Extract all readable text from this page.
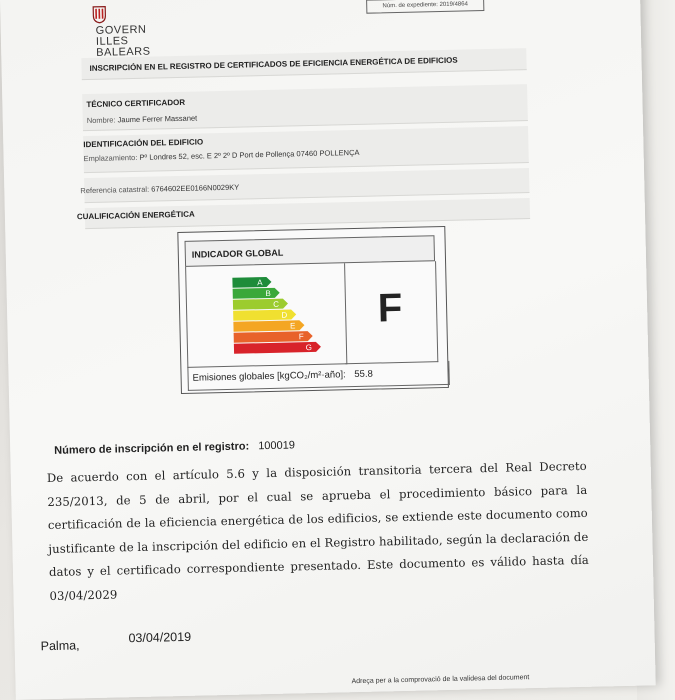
GOVERN
ILLES
BALEARS
Núm. de expediente: 2019/4864
INSCRIPCIÓN EN EL REGISTRO DE CERTIFICADOS DE EFICIENCIA ENERGÉTICA DE EDIFICIOS
TÉCNICO CERTIFICADOR
Nombre: Jaume Ferrer Massanet
IDENTIFICACIÓN DEL EDIFICIO
Emplazamiento: Pº Londres 52, esc. E 2º 2º D Port de Pollença 07460 POLLENÇA
Referencia catastral: 6764602EE0166N0029KY
CUALIFICACIÓN ENERGÉTICA
INDICADOR GLOBAL
A
B
C
D
E
F
G
F
Emisiones globales [kgCO₂/m²·año]: 55.8
Número de inscripción en el registro: 100019
De acuerdo con el artículo 5.6 y la disposición transitoria tercera del Real Decreto 235/2013, de 5 de abril, por el cual se aprueba el procedimiento básico para la certificación de la eficiencia energética de los edificios, se extiende este documento como justificante de la inscripción del edificio en el Registro habilitado, según la declaración de datos y el certificado correspondiente presentado. Este documento es válido hasta día 03/04/2029
Palma,
03/04/2019
Adreça per a la comprovació de la validesa del document
